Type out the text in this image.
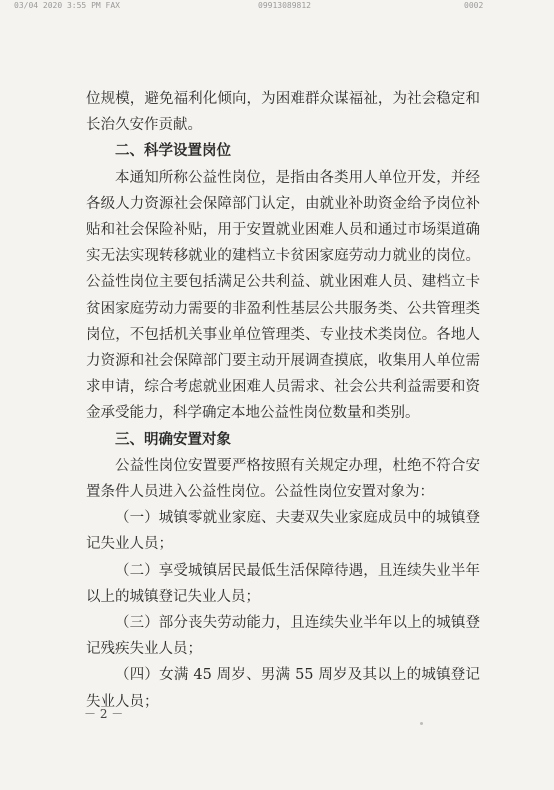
03/04 2020 3:55 PM FAX	09913089812	0002

位规模，避免福利化倾向，为困难群众谋福祉，为社会稳定和长治久安作贡献。

二、科学设置岗位

本通知所称公益性岗位，是指由各类用人单位开发，并经各级人力资源社会保障部门认定，由就业补助资金给予岗位补贴和社会保险补贴，用于安置就业困难人员和通过市场渠道确实无法实现转移就业的建档立卡贫困家庭劳动力就业的岗位。公益性岗位主要包括满足公共利益、就业困难人员、建档立卡贫困家庭劳动力需要的非盈利性基层公共服务类、公共管理类岗位，不包括机关事业单位管理类、专业技术类岗位。各地人力资源和社会保障部门要主动开展调查摸底，收集用人单位需求申请，综合考虑就业困难人员需求、社会公共利益需要和资金承受能力，科学确定本地公益性岗位数量和类别。

三、明确安置对象

公益性岗位安置要严格按照有关规定办理，杜绝不符合安置条件人员进入公益性岗位。公益性岗位安置对象为：

（一）城镇零就业家庭、夫妻双失业家庭成员中的城镇登记失业人员；

（二）享受城镇居民最低生活保障待遇，且连续失业半年以上的城镇登记失业人员；

（三）部分丧失劳动能力，且连续失业半年以上的城镇登记残疾失业人员；

（四）女满 45 周岁、男满 55 周岁及其以上的城镇登记失业人员；

－ 2 －
